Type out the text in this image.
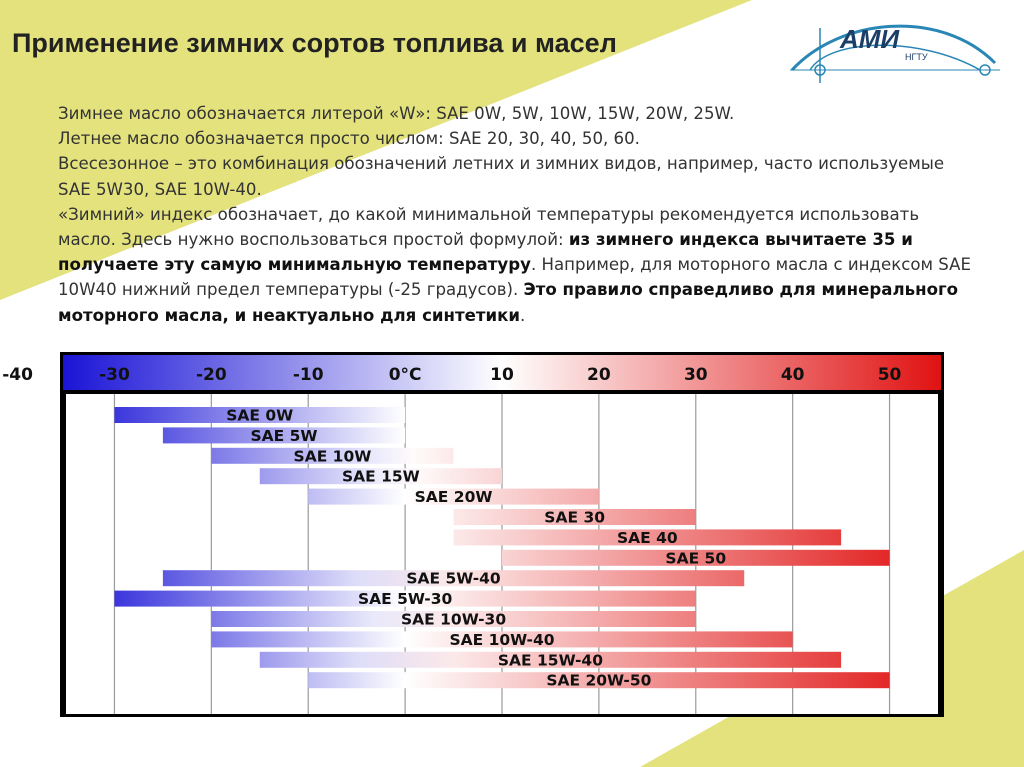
Применение зимних сортов топлива и масел	АМИ
НГТУ

Зимнее масло обозначается литерой «W»: SAE 0W, 5W, 10W, 15W, 20W, 25W.

Летнее масло обозначается просто числом: SAE 20, 30, 40, 50, 60.

Всесезонное – это комбинация обозначений летних и зимних видов, например, часто используемые SAE 5W30, SAE 10W-40.

«Зимний» индекс обозначает, до какой минимальной температуры рекомендуется использовать масло. Здесь нужно воспользоваться простой формулой: из зимнего индекса вычитаете 35 и получаете эту самую минимальную температуру. Например, для моторного масла с индексом SAE 10W40 нижний предел температуры (-25 градусов). Это правило справедливо для минерального моторного масла, и неактуально для синтетики.

-30	-20	-10	0°C	10	20	30	40	50
-40
SAE 0W
SAE 5W
SAE 10W
SAE 15W
SAE 20W
SAE 30
SAE 40
SAE 50
SAE 5W-40
SAE 5W-30
SAE 10W-30
SAE 10W-40
SAE 15W-40
SAE 20W-50
